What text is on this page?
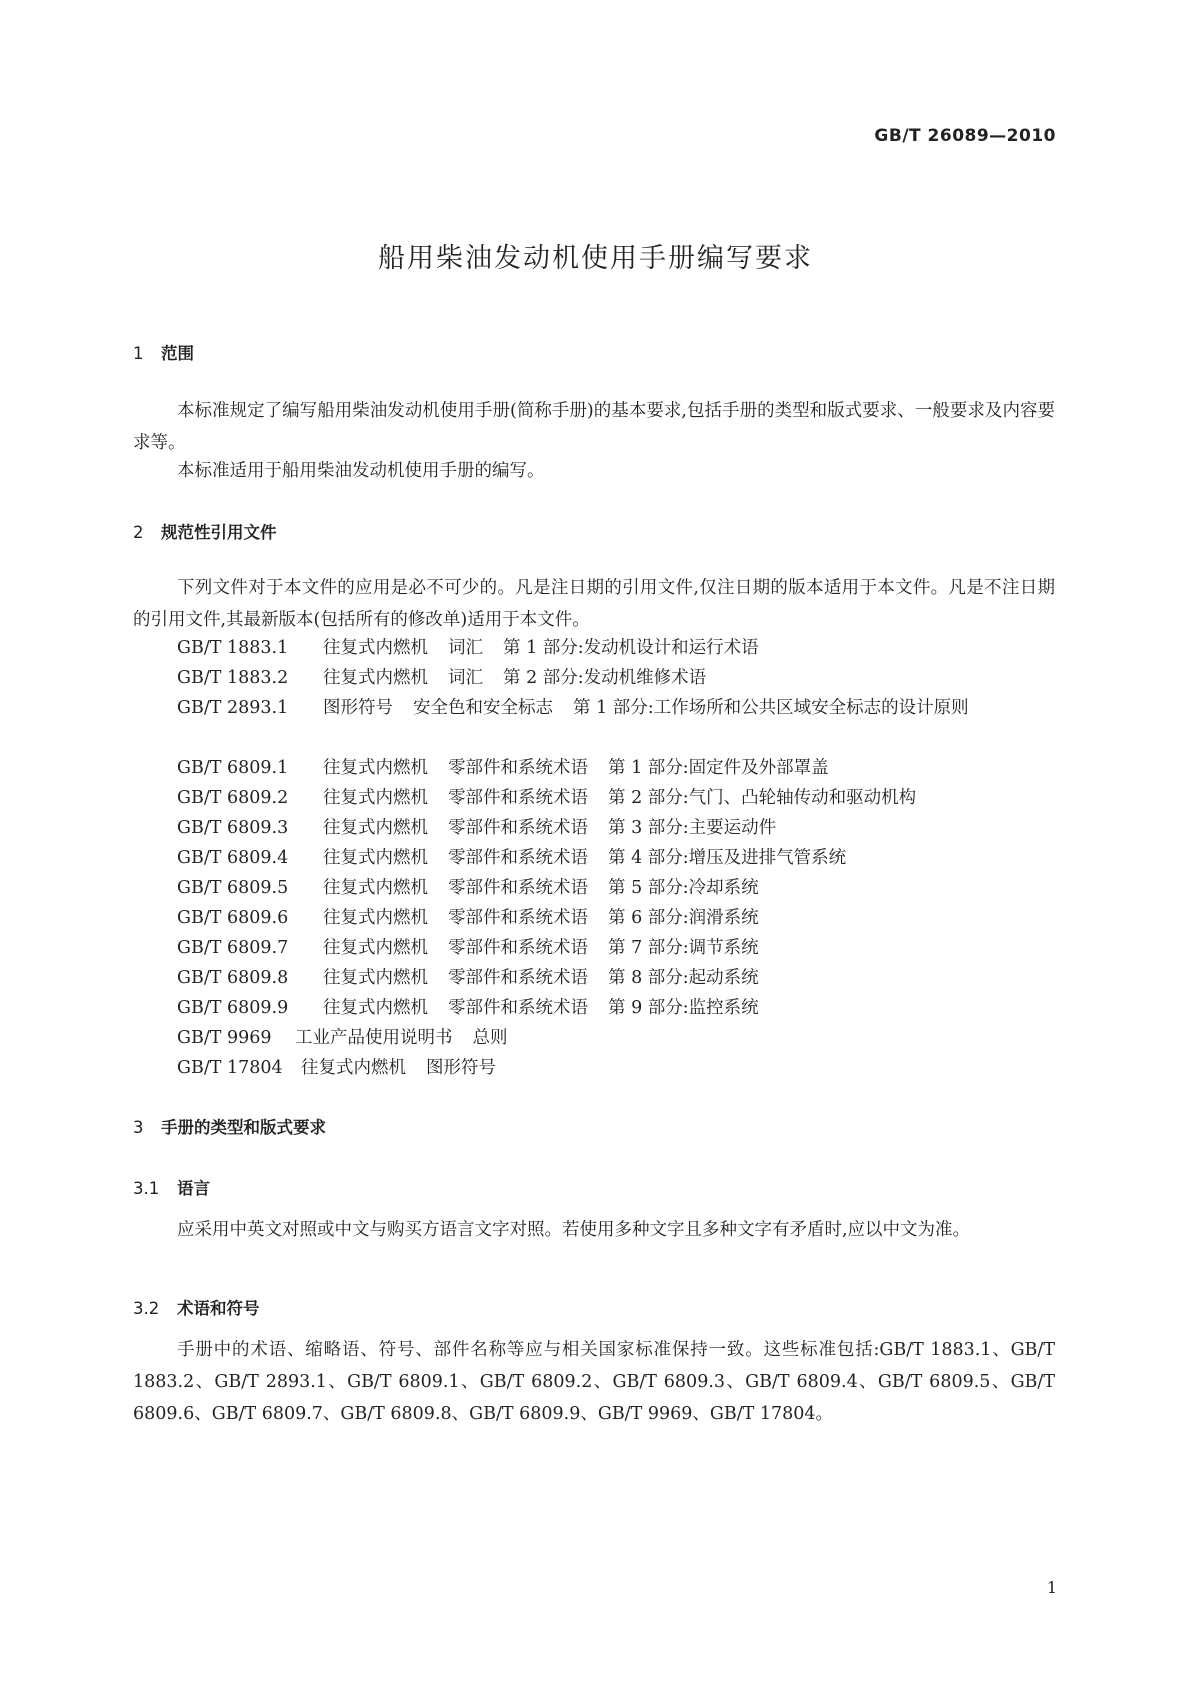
GB/T 26089—2010
船用柴油发动机使用手册编写要求
1 范围
本标准规定了编写船用柴油发动机使用手册(简称手册)的基本要求,包括手册的类型和版式要求、一般要求及内容要求等。
本标准适用于船用柴油发动机使用手册的编写。
2 规范性引用文件
下列文件对于本文件的应用是必不可少的。凡是注日期的引用文件,仅注日期的版本适用于本文件。凡是不注日期的引用文件,其最新版本(包括所有的修改单)适用于本文件。
GB/T 1883.1 往复式内燃机 词汇 第 1 部分:发动机设计和运行术语
GB/T 1883.2 往复式内燃机 词汇 第 2 部分:发动机维修术语
GB/T 2893.1 图形符号 安全色和安全标志 第 1 部分:工作场所和公共区域安全标志的设计原则
GB/T 6809.1 往复式内燃机 零部件和系统术语 第 1 部分:固定件及外部罩盖
GB/T 6809.2 往复式内燃机 零部件和系统术语 第 2 部分:气门、凸轮轴传动和驱动机构
GB/T 6809.3 往复式内燃机 零部件和系统术语 第 3 部分:主要运动件
GB/T 6809.4 往复式内燃机 零部件和系统术语 第 4 部分:增压及进排气管系统
GB/T 6809.5 往复式内燃机 零部件和系统术语 第 5 部分:冷却系统
GB/T 6809.6 往复式内燃机 零部件和系统术语 第 6 部分:润滑系统
GB/T 6809.7 往复式内燃机 零部件和系统术语 第 7 部分:调节系统
GB/T 6809.8 往复式内燃机 零部件和系统术语 第 8 部分:起动系统
GB/T 6809.9 往复式内燃机 零部件和系统术语 第 9 部分:监控系统
GB/T 9969 工业产品使用说明书 总则
GB/T 17804 往复式内燃机 图形符号
3 手册的类型和版式要求
3.1 语言
应采用中英文对照或中文与购买方语言文字对照。若使用多种文字且多种文字有矛盾时,应以中文为准。
3.2 术语和符号
手册中的术语、缩略语、符号、部件名称等应与相关国家标准保持一致。这些标准包括:GB/T 1883.1、GB/T 1883.2、GB/T 2893.1、GB/T 6809.1、GB/T 6809.2、GB/T 6809.3、GB/T 6809.4、GB/T 6809.5、GB/T 6809.6、GB/T 6809.7、GB/T 6809.8、GB/T 6809.9、GB/T 9969、GB/T 17804。
1
